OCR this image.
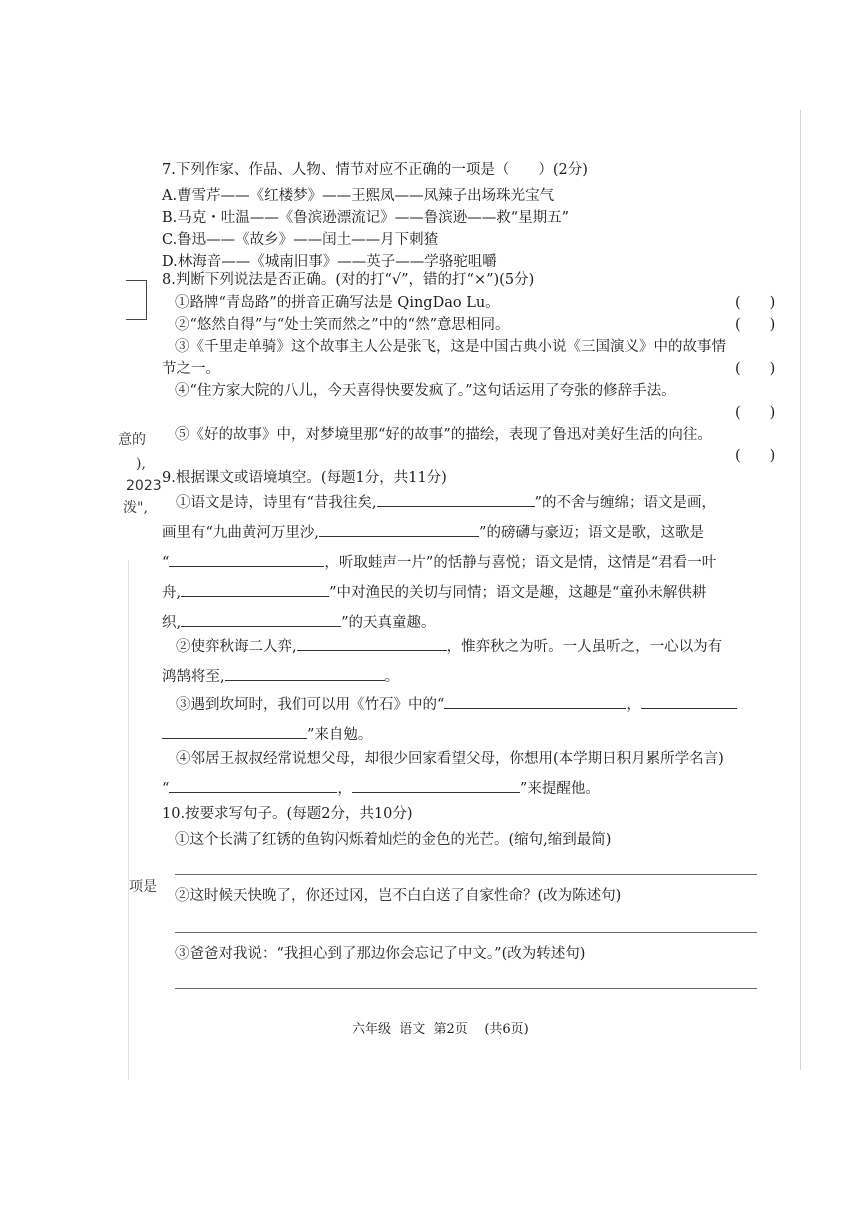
意的
),
2023
泼",
项是
7.下列作家、作品、人物、情节对应不正确的一项是（　　）(2分)
A.曹雪芹——《红楼梦》——王熙凤——凤辣子出场珠光宝气
B.马克・吐温——《鲁滨逊漂流记》——鲁滨逊——救“星期五”
C.鲁迅——《故乡》——闰土——月下刺猹
D.林海音——《城南旧事》——英子——学骆驼咀嚼
8.判断下列说法是否正确。(对的打“√”，错的打“×”)(5分)
①路牌“青岛路”的拼音正确写法是 QingDao Lu。	(　　)
②“悠然自得”与“处士笑而然之”中的“然”意思相同。	(　　)
③《千里走单骑》这个故事主人公是张飞，这是中国古典小说《三国演义》中的故事情
节之一。	(　　)
④“住方家大院的八儿，今天喜得快要发疯了。”这句话运用了夸张的修辞手法。
(　　)
⑤《好的故事》中，对梦境里那“好的故事”的描绘，表现了鲁迅对美好生活的向往。
(　　)
9.根据课文或语境填空。(每题1分，共11分)
①语文是诗，诗里有“昔我往矣,	”的不舍与缠绵；语文是画，
画里有“九曲黄河万里沙,	”的磅礴与豪迈；语文是歌，这歌是
“	，听取蛙声一片”的恬静与喜悦；语文是情，这情是“君看一叶
舟,	”中对渔民的关切与同情；语文是趣，这趣是“童孙未解供耕
织,	”的天真童趣。
②使弈秋诲二人弈,	，惟弈秋之为听。一人虽听之，一心以为有
鸿鹄将至,	。
③遇到坎坷时，我们可以用《竹石》中的“	，
”来自勉。
④邻居王叔叔经常说想父母，却很少回家看望父母，你想用(本学期日积月累所学名言)
“	，	”来提醒他。
10.按要求写句子。(每题2分，共10分)
①这个长满了红锈的鱼钩闪烁着灿烂的金色的光芒。(缩句,缩到最简)
②这时候天快晚了，你还过冈，岂不白白送了自家性命？(改为陈述句)
③爸爸对我说：“我担心到了那边你会忘记了中文。”(改为转述句)
六年级  语文  第2页    (共6页)
